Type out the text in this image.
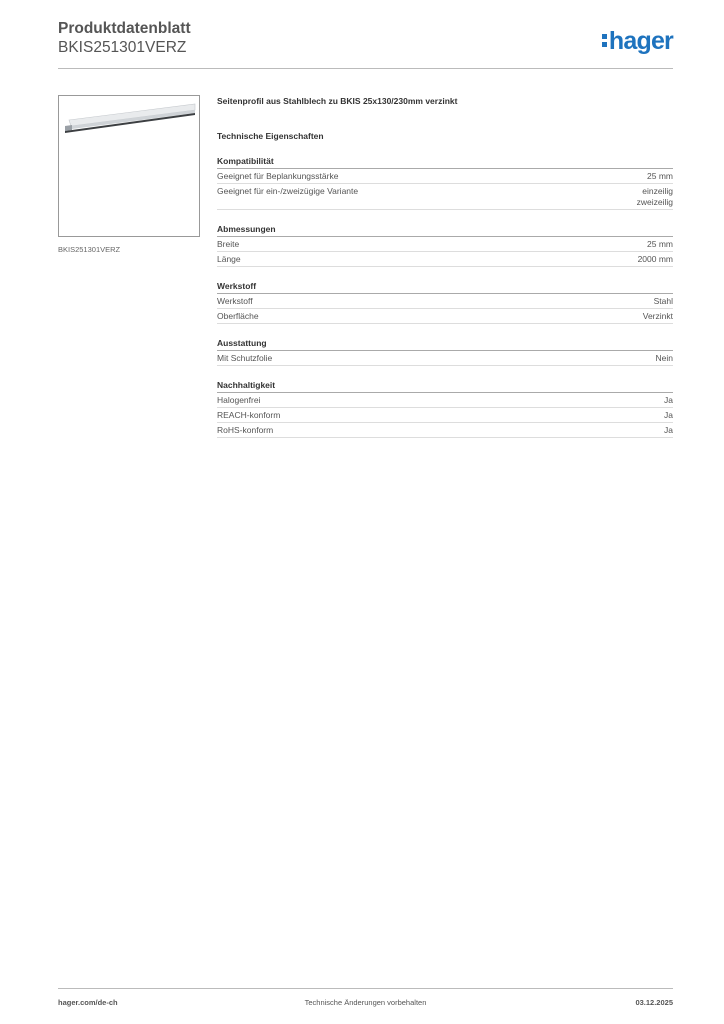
Produktdatenblatt
BKIS251301VERZ	hager
BKIS251301VERZ
Seitenprofil aus Stahlblech zu BKIS 25x130/230mm verzinkt
Technische Eigenschaften
Kompatibilität
Geeignet für Beplankungsstärke	25 mm
Geeignet für ein-/zweizügige Variante	einzeilig
zweizeilig
Abmessungen
Breite	25 mm
Länge	2000 mm
Werkstoff
Werkstoff	Stahl
Oberfläche	Verzinkt
Ausstattung
Mit Schutzfolie	Nein
Nachhaltigkeit
Halogenfrei	Ja
REACH-konform	Ja
RoHS-konform	Ja
hager.com/de-ch	Technische Änderungen vorbehalten	03.12.2025
